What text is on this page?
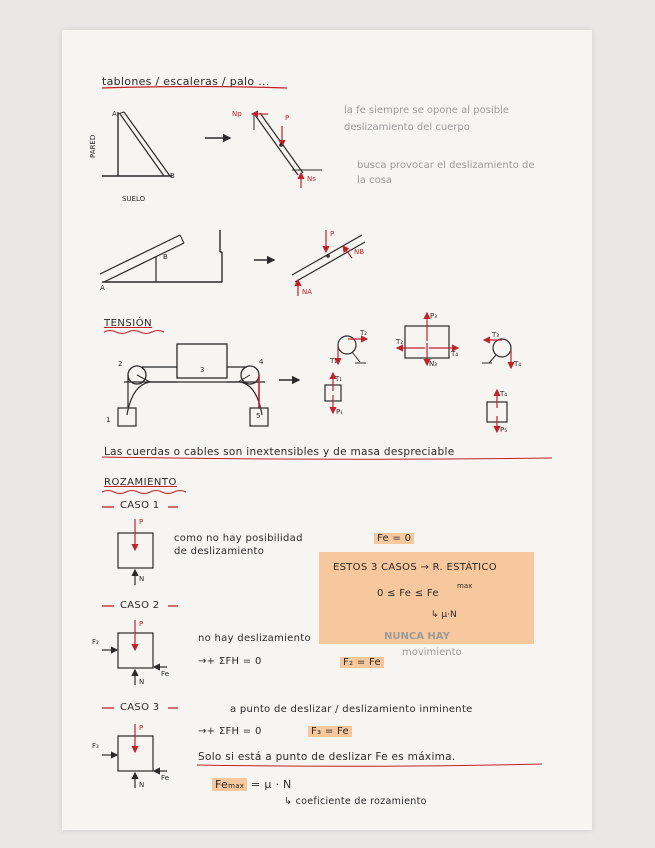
tablones / escaleras / palo ...
A
B
PARED
SUELO
Np	P
Ns
la fe siempre se opone al posible deslizamiento del cuerpo
busca provocar el deslizamiento de la cosa
B
A
P
NB
NA
TENSIÓN
2
3
4
1	5
T₂
T₁
T₁
P₁
P₃
T₂
T₄
N₃
T₃
T₄
T₄
P₅
Las cuerdas o cables son inextensibles y de masa despreciable
ROZAMIENTO
CASO 1
como no hay posibilidad
de deslizamiento
Fe = 0
P
N
ESTOS 3 CASOS → R. ESTÁTICO
0 ≤ Fe ≤ Fe
max
↳ μ·N
CASO 2
no hay deslizamiento
→+ ΣFH = 0	F₂ = Fe
NUNCA HAY
movimiento
P
N
F₂
Fe
CASO 3	a punto de deslizar / deslizamiento inminente
→+ ΣFH = 0	F₃ = Fe
Solo si está a punto de deslizar Fe es máxima.
Femax = μ · N
↳ coeficiente de rozamiento
P
N
F₃
Fe
